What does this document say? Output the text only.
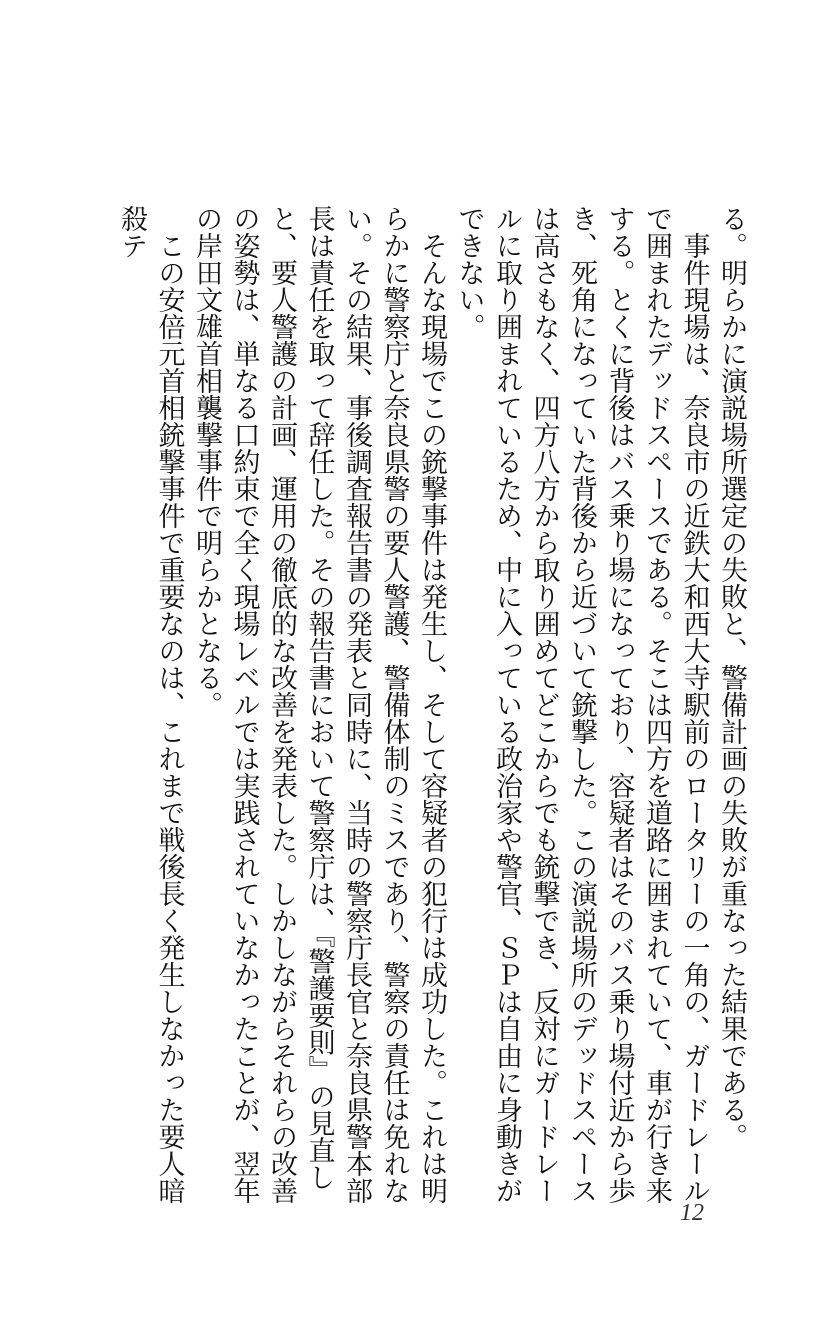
る。明らかに演説場所選定の失敗と、警備計画の失敗が重なった結果である。

事件現場は、奈良市の近鉄大和西大寺駅前のロータリーの一角の、ガードレールで囲まれたデッドスペースである。そこは四方を道路に囲まれていて、車が行き来する。とくに背後はバス乗り場になっており、容疑者はそのバス乗り場付近から歩き、死角になっていた背後から近づいて銃撃した。この演説場所のデッドスペースは高さもなく、四方八方から取り囲めてどこからでも銃撃でき、反対にガードレールに取り囲まれているため、中に入っている政治家や警官、ＳＰは自由に身動きができない。

そんな現場でこの銃撃事件は発生し、そして容疑者の犯行は成功した。これは明らかに警察庁と奈良県警の要人警護、警備体制のミスであり、警察の責任は免れない。その結果、事後調査報告書の発表と同時に、当時の警察庁長官と奈良県警本部長は責任を取って辞任した。その報告書において警察庁は、『警護要則』の見直しと、要人警護の計画、運用の徹底的な改善を発表した。しかしながらそれらの改善の姿勢は、単なる口約束で全く現場レベルでは実践されていなかったことが、翌年の岸田文雄首相襲撃事件で明らかとなる。

この安倍元首相銃撃事件で重要なのは、これまで戦後長く発生しなかった要人暗殺テ

12
